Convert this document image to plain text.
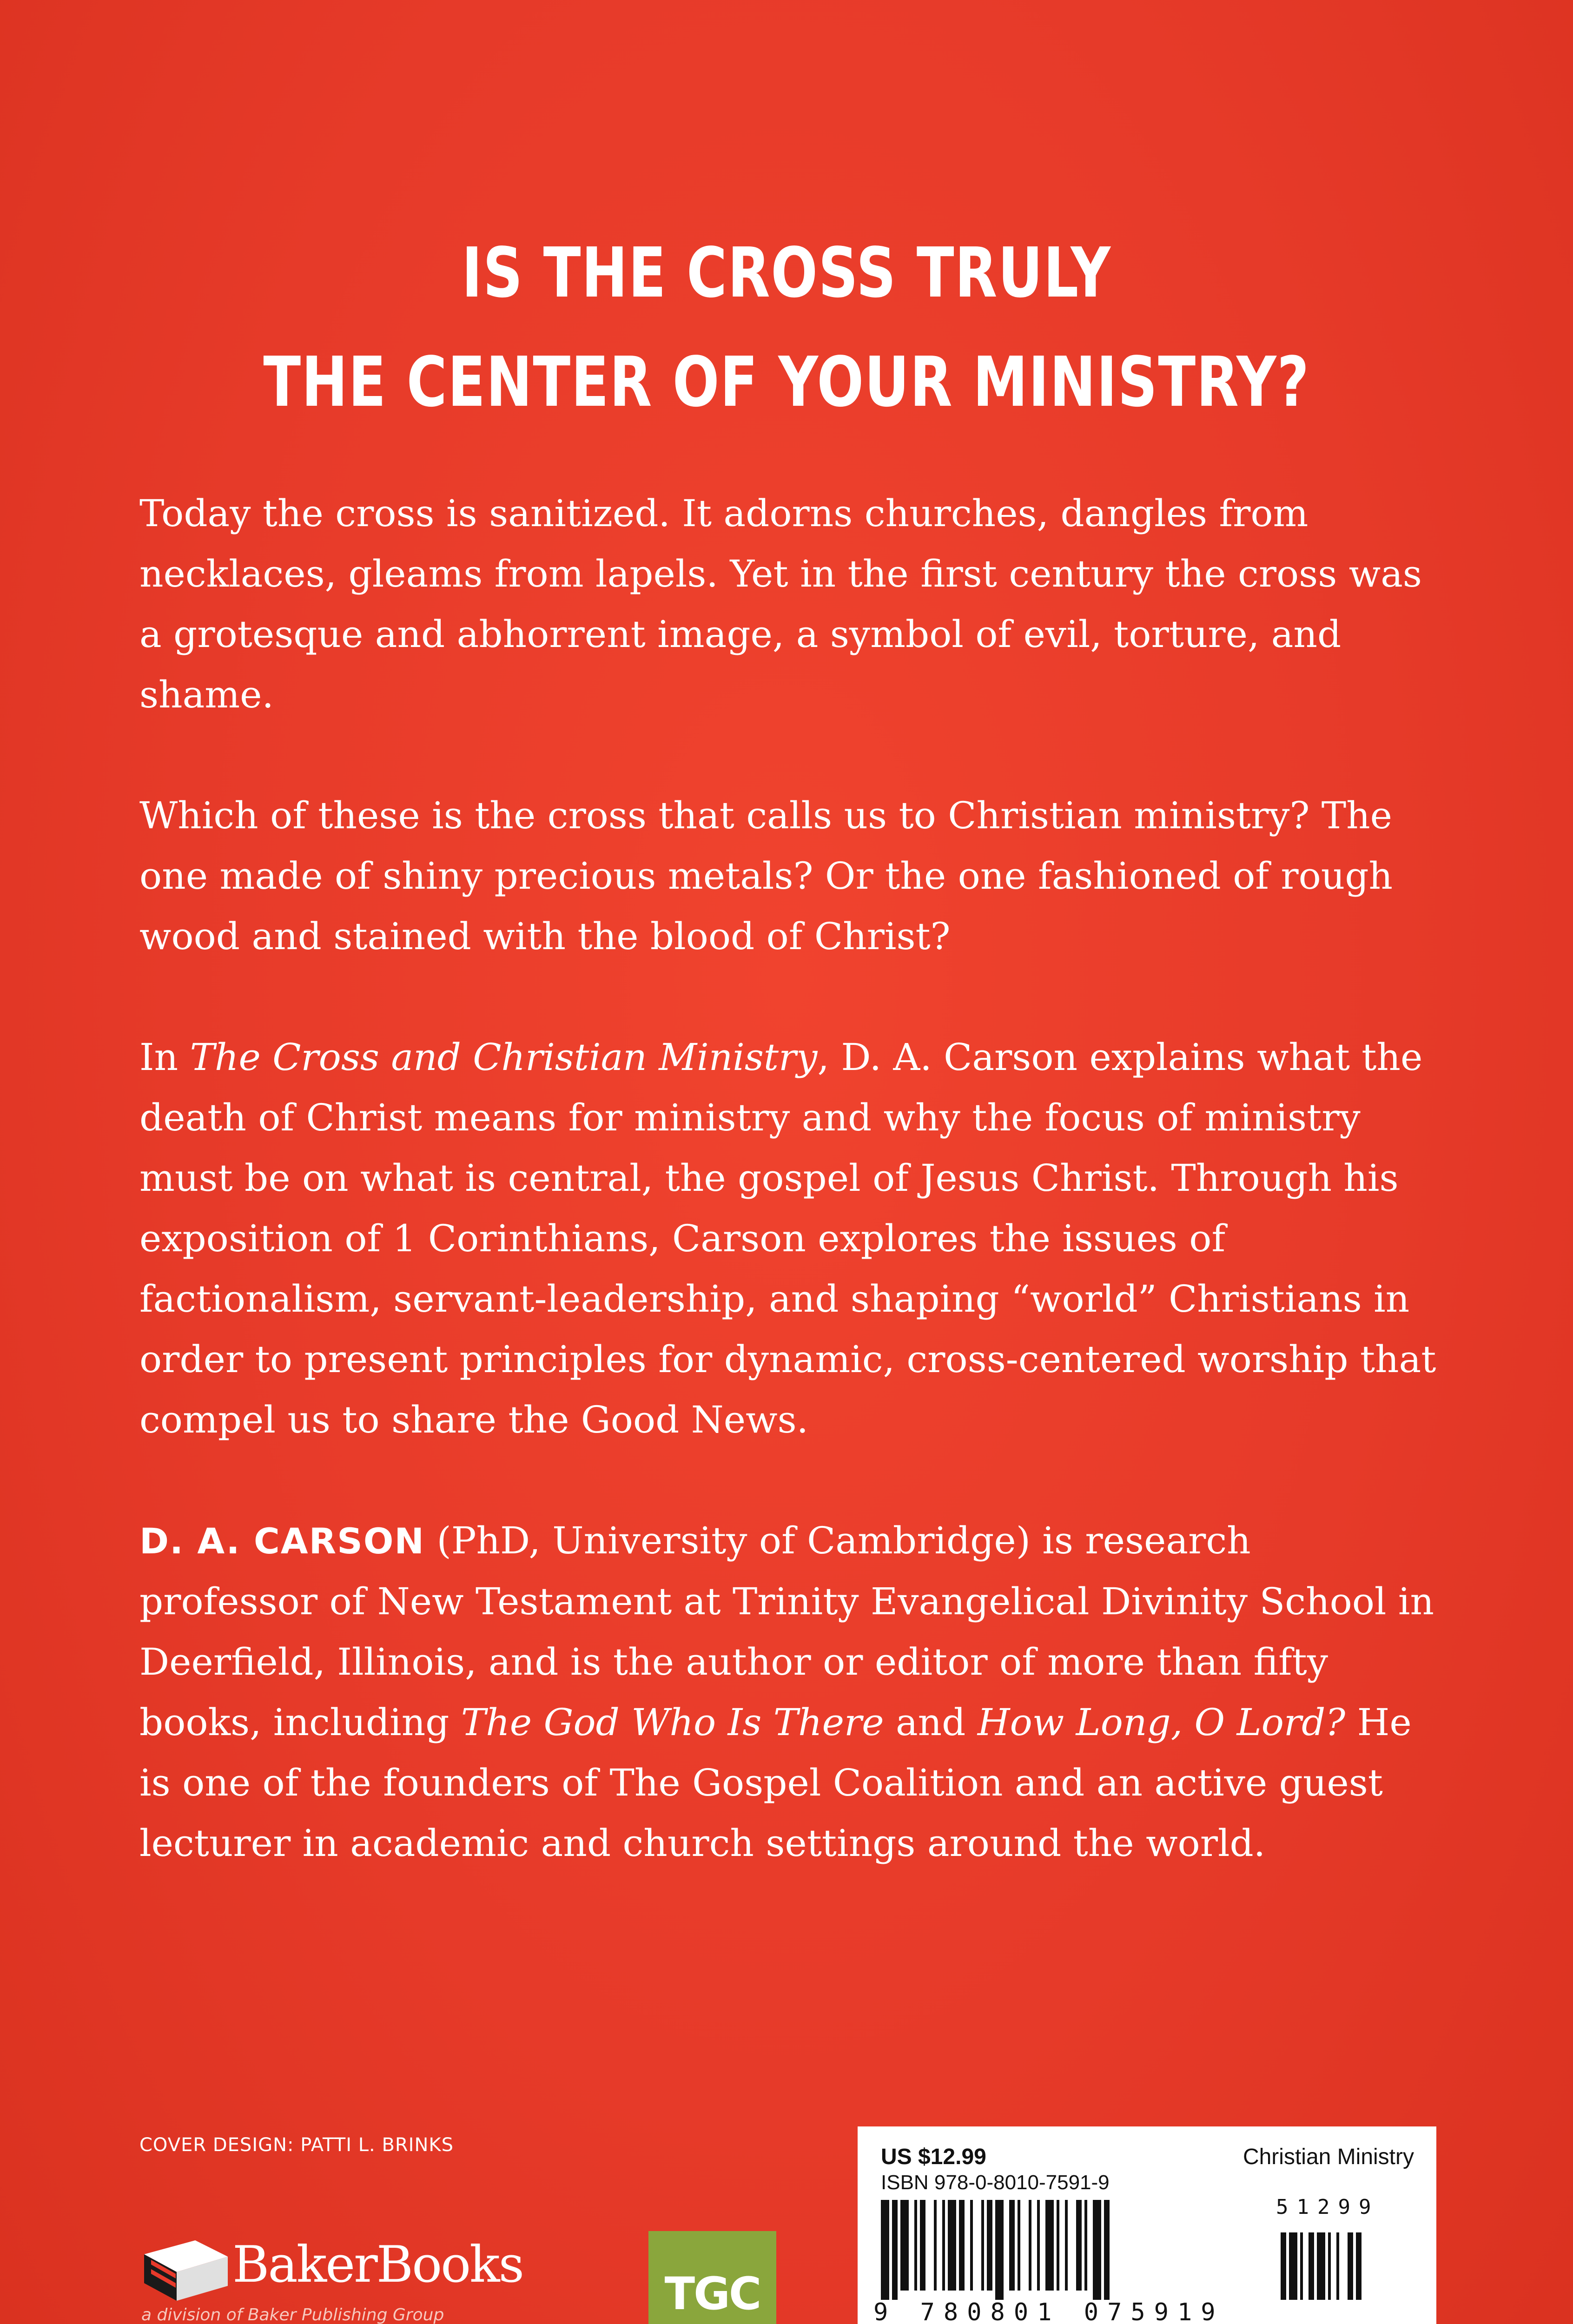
IS THE CROSS TRULY
THE CENTER OF YOUR MINISTRY?

Today the cross is sanitized. It adorns churches, dangles from necklaces, gleams from lapels. Yet in the first century the cross was a grotesque and abhorrent image, a symbol of evil, torture, and shame.

Which of these is the cross that calls us to Christian ministry? The one made of shiny precious metals? Or the one fashioned of rough wood and stained with the blood of Christ?

In The Cross and Christian Ministry, D. A. Carson explains what the death of Christ means for ministry and why the focus of ministry must be on what is central, the gospel of Jesus Christ. Through his exposition of 1 Corinthians, Carson explores the issues of factionalism, servant-leadership, and shaping “world” Christians in order to present principles for dynamic, cross-centered worship that compel us to share the Good News.

D. A. CARSON (PhD, University of Cambridge) is research professor of New Testament at Trinity Evangelical Divinity School in Deerfield, Illinois, and is the author or editor of more than fifty books, including The God Who Is There and How Long, O Lord? He is one of the founders of The Gospel Coalition and an active guest lecturer in academic and church settings around the world.

COVER DESIGN: PATTI L. BRINKS
BakerBooks
a division of Baker Publishing Group	TGC
US $12.99	Christian Ministry
ISBN 978-0-8010-7591-9
51299
9 780801 075919
